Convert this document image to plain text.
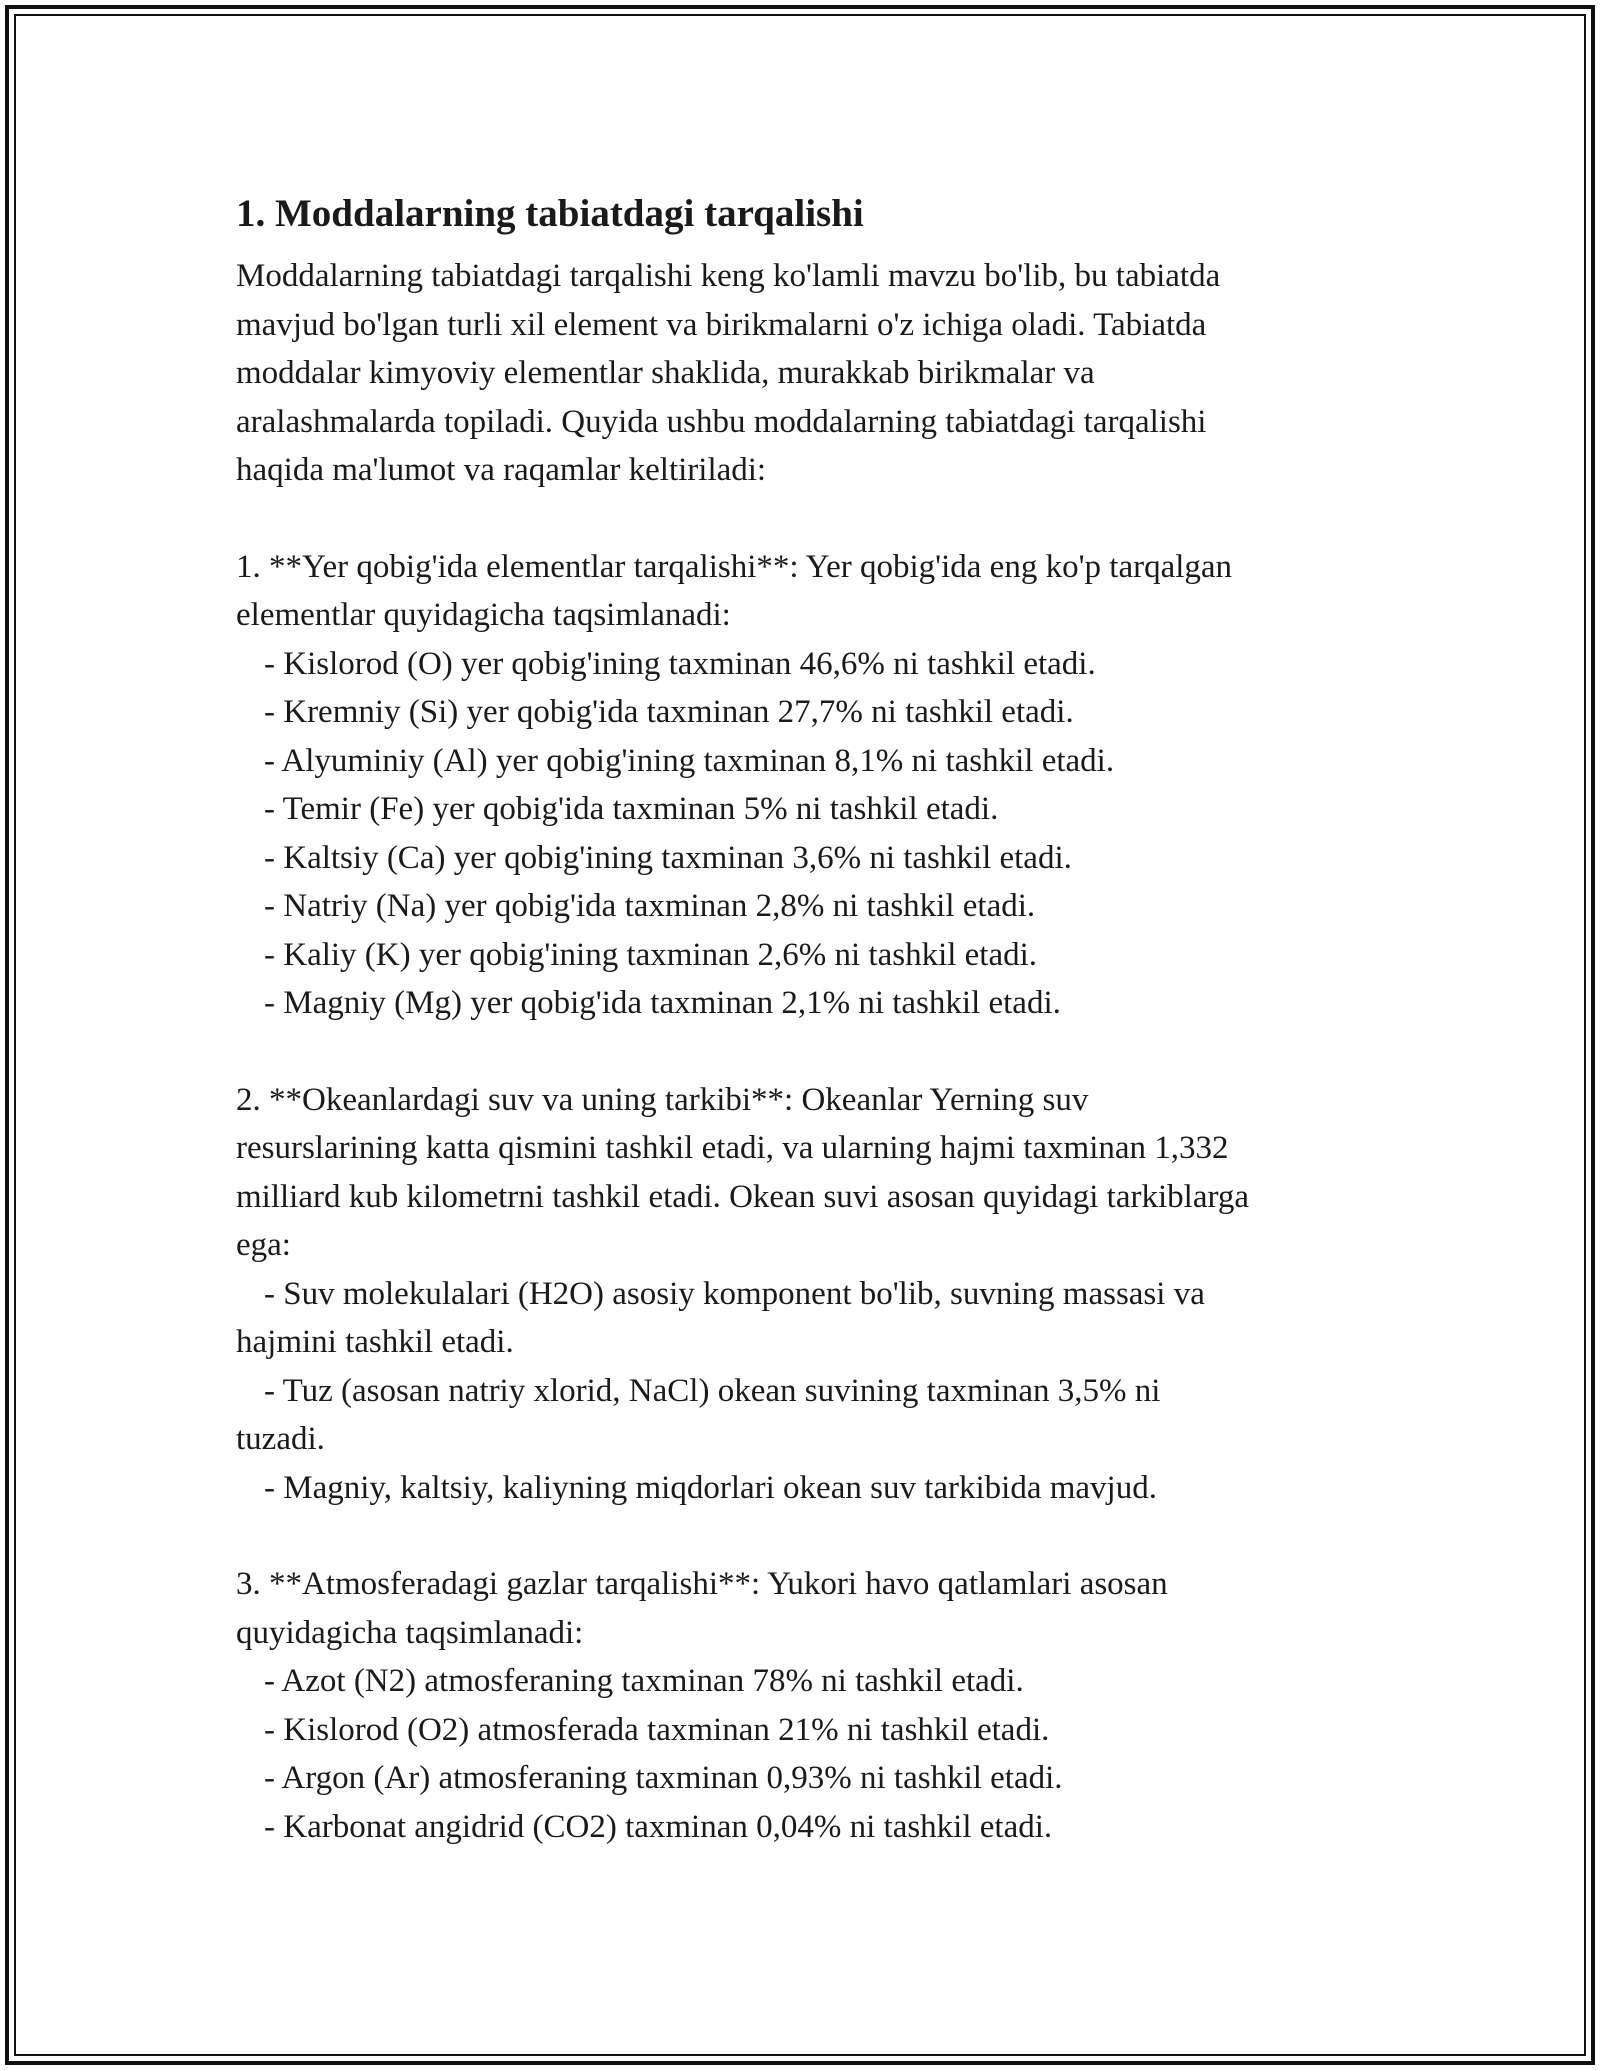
1. Moddalarning tabiatdagi tarqalishi
Moddalarning tabiatdagi tarqalishi keng ko'lamli mavzu bo'lib, bu tabiatda
mavjud bo'lgan turli xil element va birikmalarni o'z ichiga oladi. Tabiatda
moddalar kimyoviy elementlar shaklida, murakkab birikmalar va
aralashmalarda topiladi. Quyida ushbu moddalarning tabiatdagi tarqalishi
haqida ma'lumot va raqamlar keltiriladi:
1. **Yer qobig'ida elementlar tarqalishi**: Yer qobig'ida eng ko'p tarqalgan
elementlar quyidagicha taqsimlanadi:
- Kislorod (O) yer qobig'ining taxminan 46,6% ni tashkil etadi.
- Kremniy (Si) yer qobig'ida taxminan 27,7% ni tashkil etadi.
- Alyuminiy (Al) yer qobig'ining taxminan 8,1% ni tashkil etadi.
- Temir (Fe) yer qobig'ida taxminan 5% ni tashkil etadi.
- Kaltsiy (Ca) yer qobig'ining taxminan 3,6% ni tashkil etadi.
- Natriy (Na) yer qobig'ida taxminan 2,8% ni tashkil etadi.
- Kaliy (K) yer qobig'ining taxminan 2,6% ni tashkil etadi.
- Magniy (Mg) yer qobig'ida taxminan 2,1% ni tashkil etadi.
2. **Okeanlardagi suv va uning tarkibi**: Okeanlar Yerning suv
resurslarining katta qismini tashkil etadi, va ularning hajmi taxminan 1,332
milliard kub kilometrni tashkil etadi. Okean suvi asosan quyidagi tarkiblarga
ega:
- Suv molekulalari (H2O) asosiy komponent bo'lib, suvning massasi va
hajmini tashkil etadi.
- Tuz (asosan natriy xlorid, NaCl) okean suvining taxminan 3,5% ni
tuzadi.
- Magniy, kaltsiy, kaliyning miqdorlari okean suv tarkibida mavjud.
3. **Atmosferadagi gazlar tarqalishi**: Yukori havo qatlamlari asosan
quyidagicha taqsimlanadi:
- Azot (N2) atmosferaning taxminan 78% ni tashkil etadi.
- Kislorod (O2) atmosferada taxminan 21% ni tashkil etadi.
- Argon (Ar) atmosferaning taxminan 0,93% ni tashkil etadi.
- Karbonat angidrid (CO2) taxminan 0,04% ni tashkil etadi.
